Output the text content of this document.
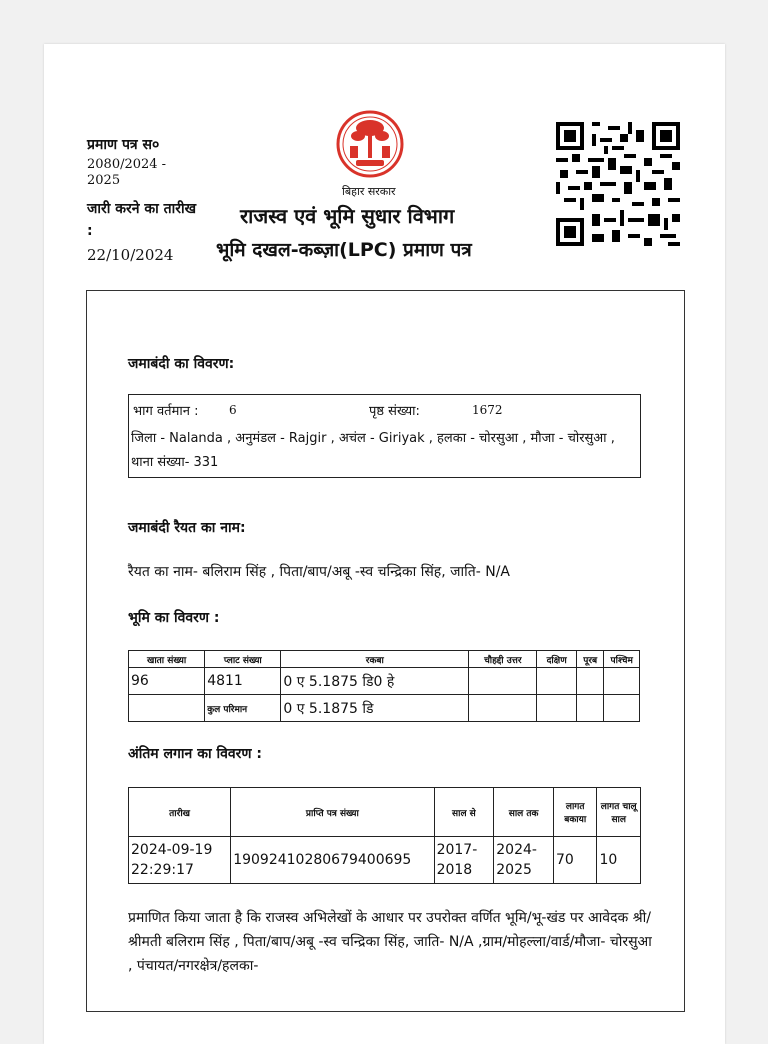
प्रमाण पत्र स०
2080/2024 - 2025
जारी करने का तारीख :
22/10/2024
बिहार सरकार
राजस्व एवं भूमि सुधार विभाग
भूमि दखल-कब्ज़ा(LPC) प्रमाण पत्र
जमाबंदी का विवरण:
भाग वर्तमान :	6	पृष्ठ संख्या:	1672
जिला - Nalanda , अनुमंडल - Rajgir , अचंल - Giriyak , हलका - चोरसुआ , मौजा - चोरसुआ , थाना संख्या- 331
जमाबंदी रैयत का नाम:
रैयत का नाम- बलिराम सिंह , पिता/बाप/अबू -स्व चन्द्रिका सिंह, जाति- N/A
भूमि का विवरण :
खाता संख्या	प्लाट संख्या	रकबा	चौहद्दी उत्तर	दक्षिण	पूरब	पश्चिम
96	4811	0 ए 5.1875 डि0 हे				
	कुल परिमान	0 ए 5.1875 डि				
अंतिम लगान का विवरण :
तारीख	प्राप्ति पत्र संख्या	साल से	साल तक	लागत बकाया	लागत चालू साल
2024-09-19 22:29:17	19092410280679400695	2017-2018	2024-2025	70	10
प्रमाणित किया जाता है कि राजस्व अभिलेखों के आधार पर उपरोक्त वर्णित भूमि/भू-खंड पर आवेदक श्री/श्रीमती बलिराम सिंह , पिता/बाप/अबू -स्व चन्द्रिका सिंह, जाति- N/A ,ग्राम/मोहल्ला/वार्ड/मौजा- चोरसुआ , पंचायत/नगरक्षेत्र/हलका-
